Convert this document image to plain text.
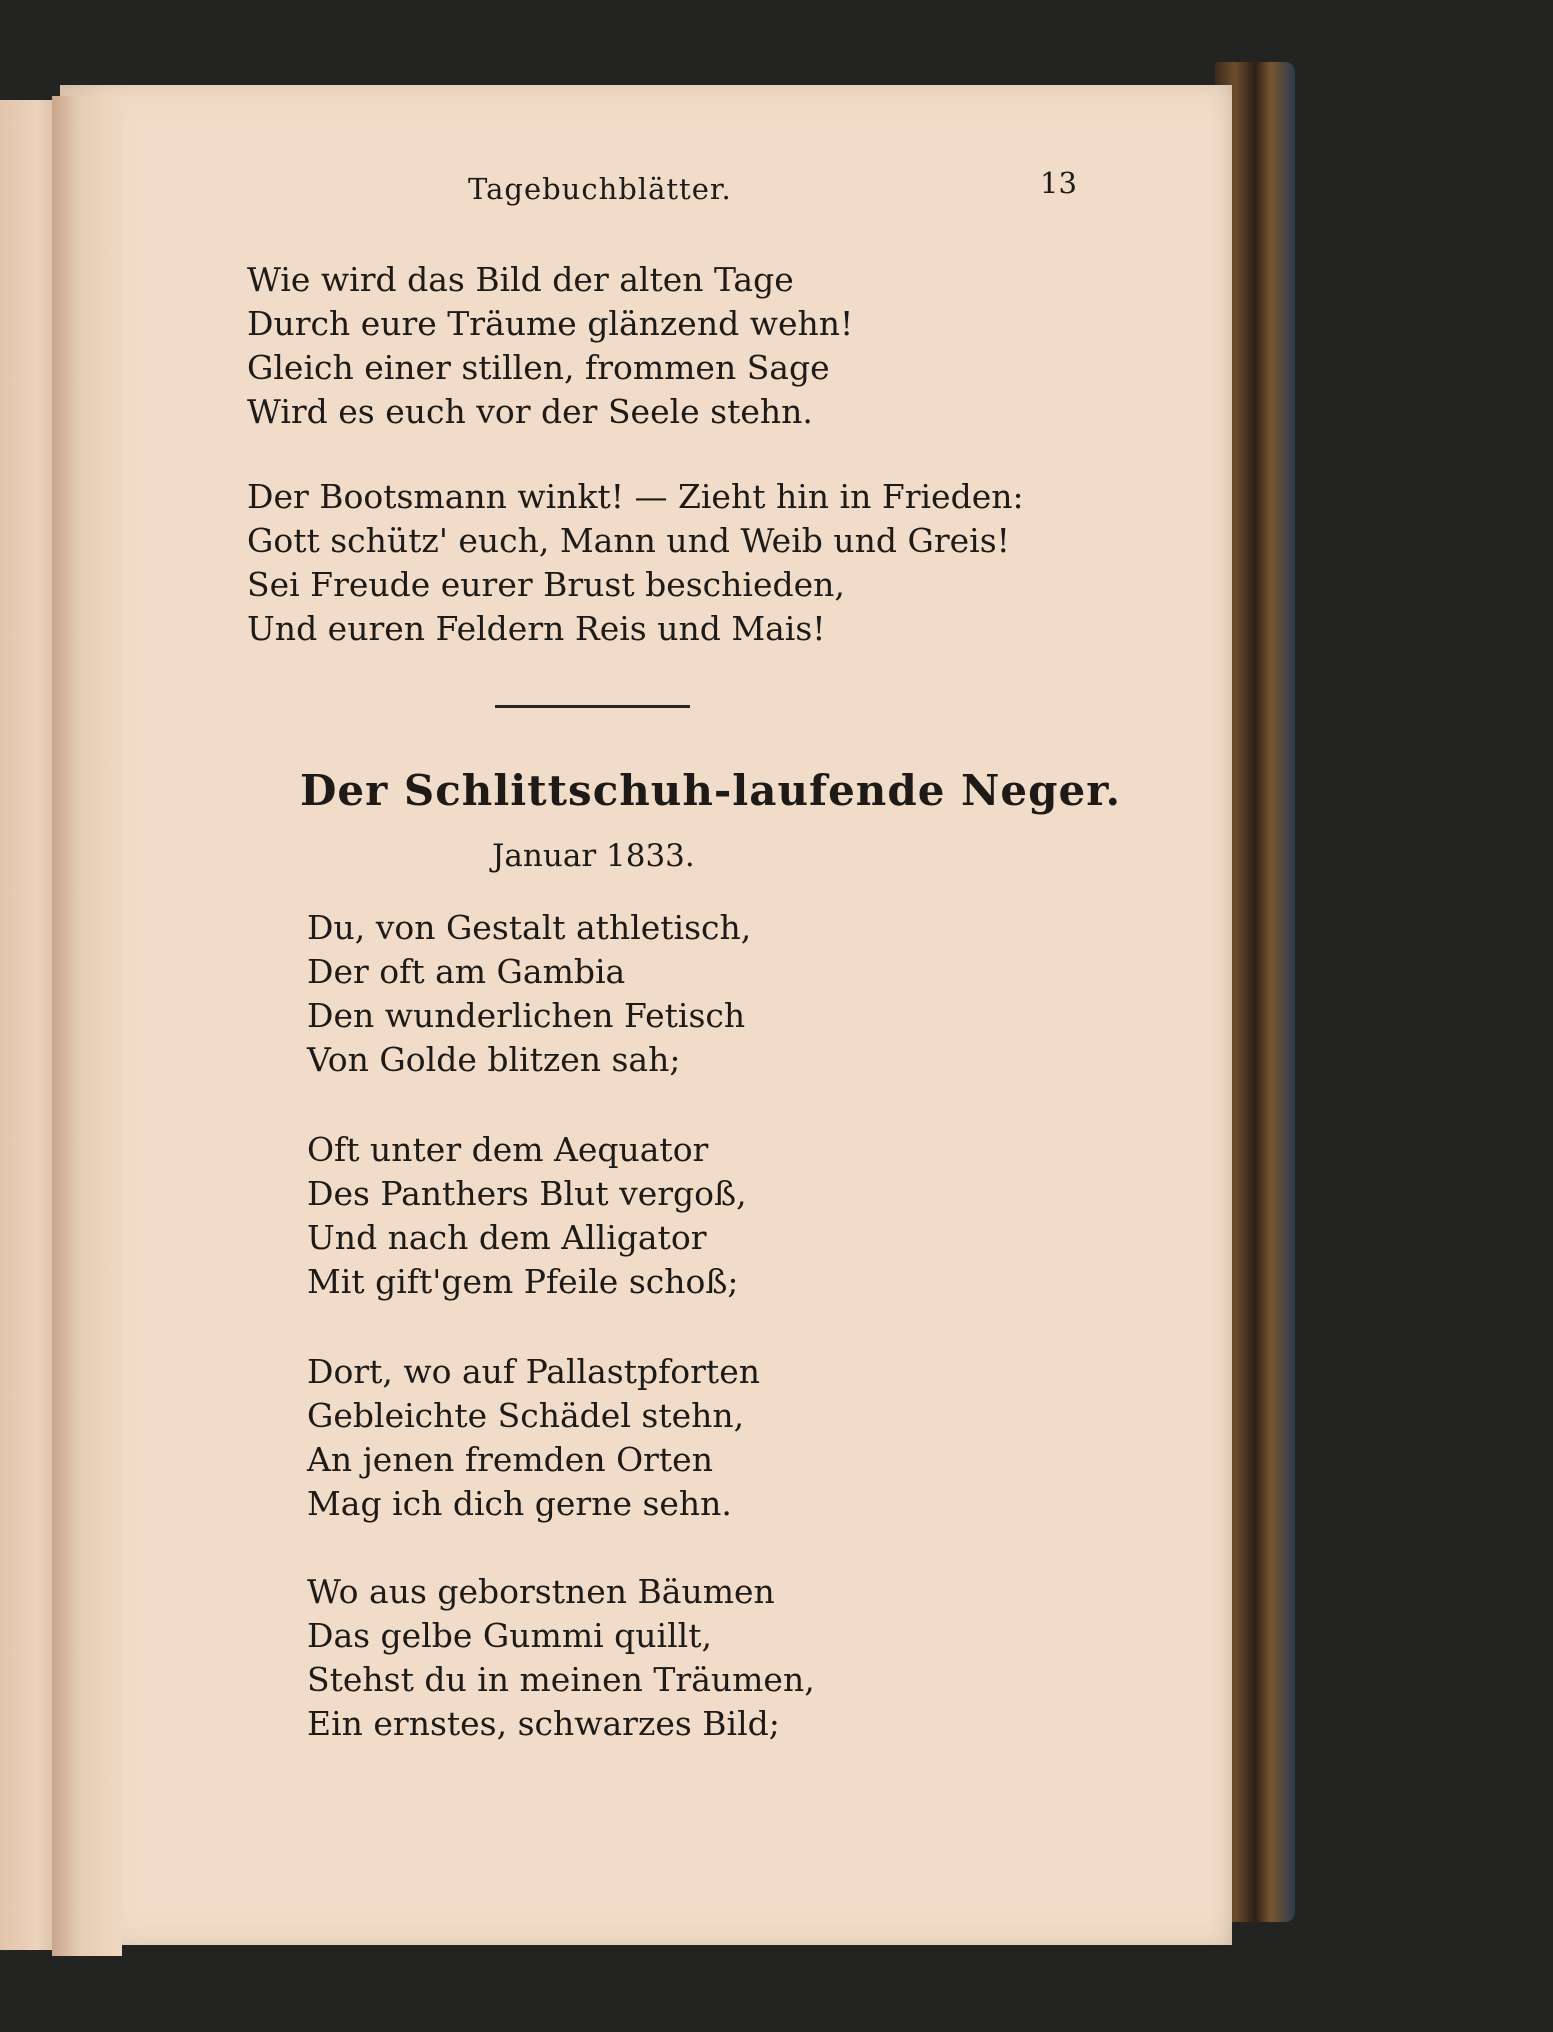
Tagebuchblätter.	13
Wie wird das Bild der alten Tage
Durch eure Träume glänzend wehn!
Gleich einer stillen, frommen Sage
Wird es euch vor der Seele stehn.
Der Bootsmann winkt! — Zieht hin in Frieden:
Gott schütz' euch, Mann und Weib und Greis!
Sei Freude eurer Brust beschieden,
Und euren Feldern Reis und Mais!
Der Schlittschuh-laufende Neger.
Januar 1833.
Du, von Gestalt athletisch,
Der oft am Gambia
Den wunderlichen Fetisch
Von Golde blitzen sah;
Oft unter dem Aequator
Des Panthers Blut vergoß,
Und nach dem Alligator
Mit gift'gem Pfeile schoß;
Dort, wo auf Pallastpforten
Gebleichte Schädel stehn,
An jenen fremden Orten
Mag ich dich gerne sehn.
Wo aus geborstnen Bäumen
Das gelbe Gummi quillt,
Stehst du in meinen Träumen,
Ein ernstes, schwarzes Bild;
